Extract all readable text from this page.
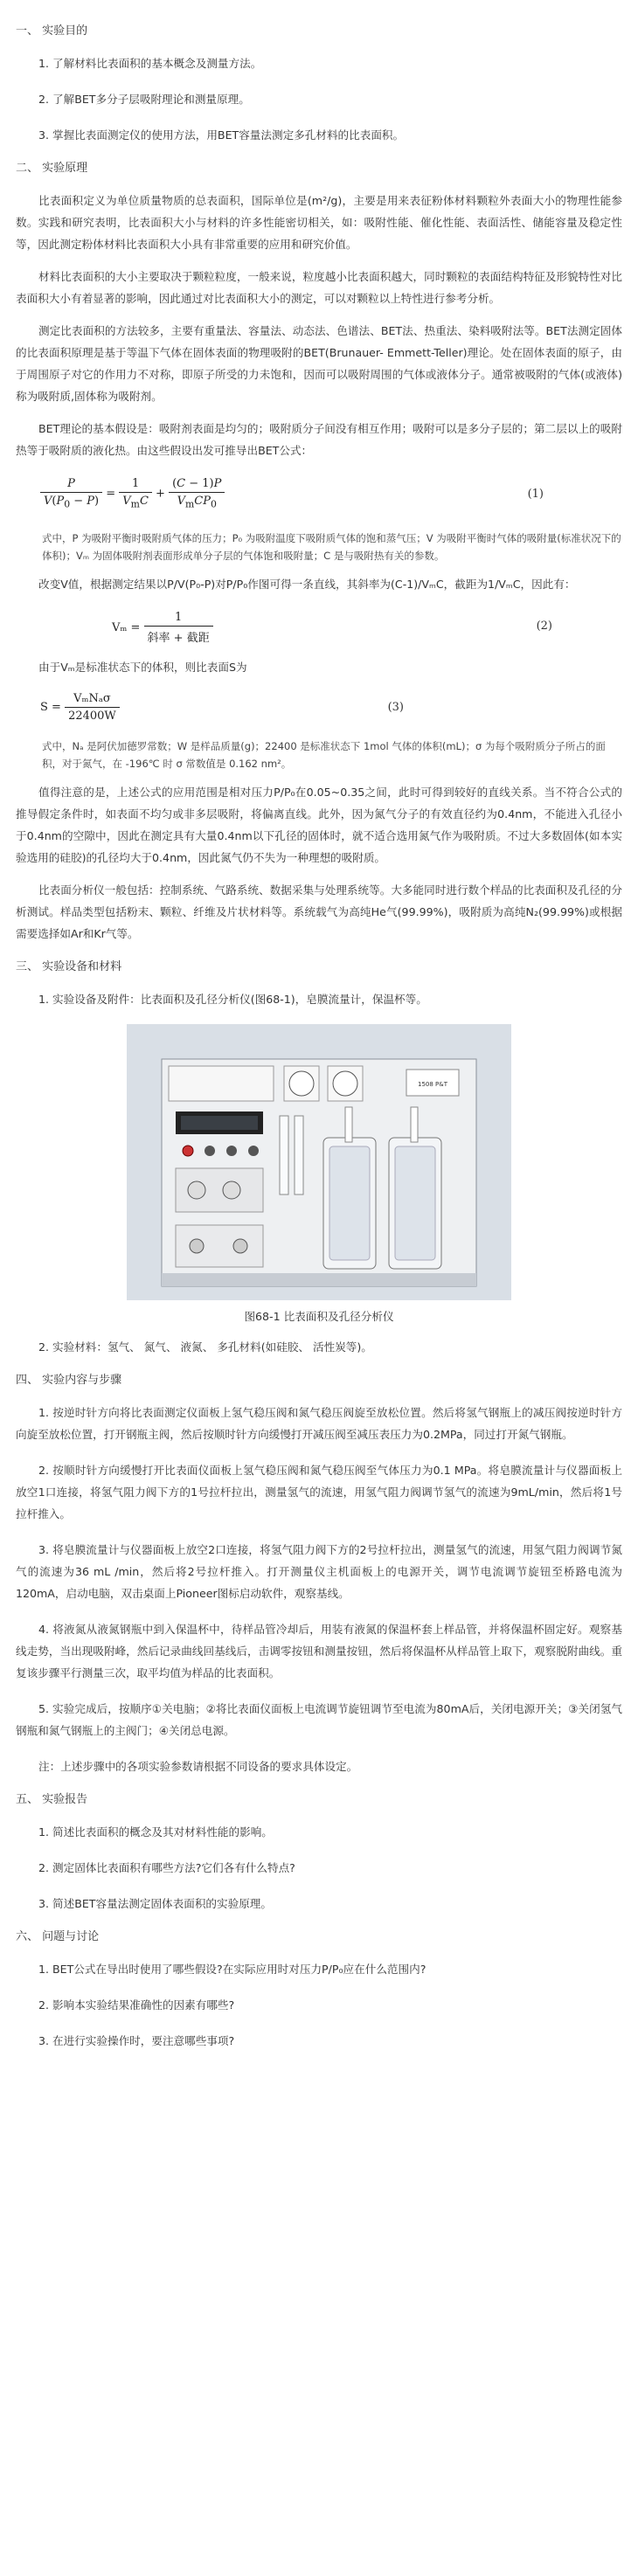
一、 实验目的
1. 了解材料比表面积的基本概念及测量方法。
2. 了解BET多分子层吸附理论和测量原理。
3. 掌握比表面测定仪的使用方法，用BET容量法测定多孔材料的比表面积。
二、 实验原理

比表面积定义为单位质量物质的总表面积，国际单位是(m²/g)，主要是用来表征粉体材料颗粒外表面大小的物理性能参数。实践和研究表明，比表面积大小与材料的许多性能密切相关，如：吸附性能、催化性能、表面活性、储能容量及稳定性等，因此测定粉体材料比表面积大小具有非常重要的应用和研究价值。

材料比表面积的大小主要取决于颗粒粒度，一般来说，粒度越小比表面积越大，同时颗粒的表面结构特征及形貌特性对比表面积大小有着显著的影响，因此通过对比表面积大小的测定，可以对颗粒以上特性进行参考分析。

测定比表面积的方法较多，主要有重量法、容量法、动态法、色谱法、BET法、热重法、染料吸附法等。BET法测定固体的比表面积原理是基于等温下气体在固体表面的物理吸附的BET(Brunauer- Emmett-Teller)理论。处在固体表面的原子，由于周围原子对它的作用力不对称，即原子所受的力未饱和，因而可以吸附周围的气体或液体分子。通常被吸附的气体(或液体)称为吸附质,固体称为吸附剂。

BET理论的基本假设是：吸附剂表面是均匀的；吸附质分子间没有相互作用；吸附可以是多分子层的；第二层以上的吸附热等于吸附质的液化热。由这些假设出发可推导出BET公式：

$\frac{P}{V(P_0 - P)} = \frac{1}{V_mC} + \frac{(C - 1)P}{V_mCP_0}$	(1)
式中，P 为吸附平衡时吸附质气体的压力；P₀ 为吸附温度下吸附质气体的饱和蒸气压；V 为吸附平衡时气体的吸附量(标准状况下的体积)；Vₘ 为固体吸附剂表面形成单分子层的气体饱和吸附量；C 是与吸附热有关的参数。

改变V值，根据测定结果以P/V(P₀-P)对P/P₀作图可得一条直线，其斜率为(C-1)/VₘC，截距为1/VₘC，因此有：

$V_m = \frac{1}{\text{斜率 + 截距}}$	(2)

由于Vₘ是标准状态下的体积，则比表面S为

$S = \frac{\text{VₘNₐσ}}{22400W}$	(3)
式中，Nₐ 是阿伏加德罗常数；W 是样品质量(g)；22400 是标准状态下 1mol 气体的体积(mL)；σ 为每个吸附质分子所占的面积，对于氮气，在 -196℃ 时 σ 常数值是 0.162 nm²。

值得注意的是，上述公式的应用范围是相对压力P/P₀在0.05~0.35之间，此时可得到较好的直线关系。当不符合公式的推导假定条件时，如表面不均匀或非多层吸附，将偏离直线。此外，因为氮气分子的有效直径约为0.4nm，不能进入孔径小于0.4nm的空隙中，因此在测定具有大量0.4nm以下孔径的固体时，就不适合选用氮气作为吸附质。不过大多数固体(如本实验选用的硅胶)的孔径均大于0.4nm，因此氮气仍不失为一种理想的吸附质。

比表面分析仪一般包括：控制系统、气路系统、数据采集与处理系统等。大多能同时进行数个样品的比表面积及孔径的分析测试。样品类型包括粉末、颗粒、纤维及片状材料等。系统载气为高纯He气(99.99%)，吸附质为高纯N₂(99.99%)或根据需要选择如Ar和Kr气等。

三、 实验设备和材料
1. 实验设备及附件：比表面积及孔径分析仪(图68-1)，皂膜流量计，保温杯等。
1508 P&T
图68-1 比表面积及孔径分析仪
2. 实验材料：氢气、 氮气、 液氮、 多孔材料(如硅胶、 活性炭等)。
四、 实验内容与步骤
1. 按逆时针方向将比表面测定仪面板上氢气稳压阀和氮气稳压阀旋至放松位置。然后将氢气钢瓶上的减压阀按逆时针方向旋至放松位置，打开钢瓶主阀，然后按顺时针方向缓慢打开减压阀至减压表压力为0.2MPa，同过打开氮气钢瓶。
2. 按顺时针方向缓慢打开比表面仪面板上氢气稳压阀和氮气稳压阀至气体压力为0.1 MPa。将皂膜流量计与仪器面板上放空1口连接，将氢气阻力阀下方的1号拉杆拉出，测量氢气的流速，用氢气阻力阀调节氢气的流速为9mL/min，然后将1号拉杆推入。
3. 将皂膜流量计与仪器面板上放空2口连接，将氢气阻力阀下方的2号拉杆拉出，测量氢气的流速，用氢气阻力阀调节氮气的流速为36 mL /min，然后将2号拉杆推入。打开测量仪主机面板上的电源开关，调节电流调节旋钮至桥路电流为120mA，启动电脑，双击桌面上Pioneer图标启动软件，观察基线。
4. 将液氮从液氮钢瓶中到入保温杯中，待样品管冷却后，用装有液氮的保温杯套上样品管，并将保温杯固定好。观察基线走势，当出现吸附峰，然后记录曲线回基线后，击调零按钮和测量按钮，然后将保温杯从样品管上取下，观察脱附曲线。重复该步骤平行测量三次，取平均值为样品的比表面积。
5. 实验完成后，按顺序①关电脑；②将比表面仪面板上电流调节旋钮调节至电流为80mA后，关闭电源开关；③关闭氢气钢瓶和氮气钢瓶上的主阀门；④关闭总电源。
注：上述步骤中的各项实验参数请根据不同设备的要求具体设定。
五、 实验报告
1. 简述比表面积的概念及其对材料性能的影响。
2. 测定固体比表面积有哪些方法?它们各有什么特点?
3. 简述BET容量法测定固体表面积的实验原理。
六、 问题与讨论
1. BET公式在导出时使用了哪些假设?在实际应用时对压力P/P₀应在什么范围内?
2. 影响本实验结果准确性的因素有哪些?
3. 在进行实验操作时，要注意哪些事项?
